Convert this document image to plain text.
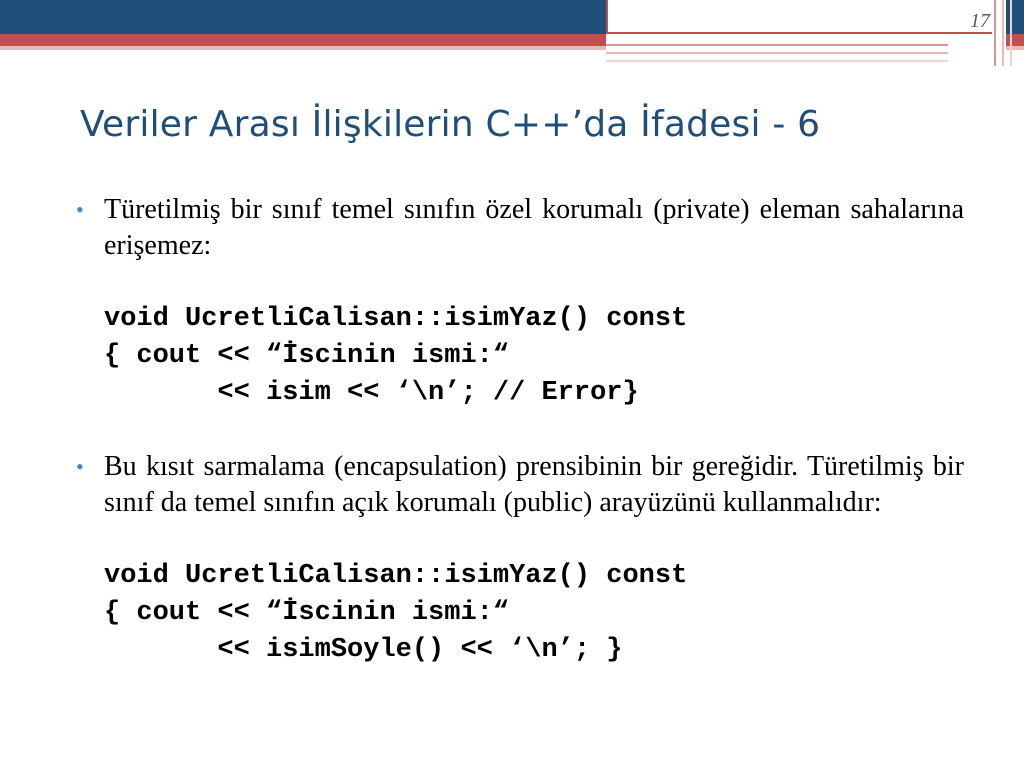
17
Veriler Arası İlişkilerin C++’da İfadesi - 6
• Türetilmiş bir sınıf temel sınıfın özel korumalı (private) eleman sahalarına erişemez:
void UcretliCalisan::isimYaz() const
{ cout << “İscinin ismi:“
<< isim << ‘\n’; // Error}
• Bu kısıt sarmalama (encapsulation) prensibinin bir gereğidir. Türetilmiş bir sınıf da temel sınıfın açık korumalı (public) arayüzünü kullanmalıdır:
void UcretliCalisan::isimYaz() const
{ cout << “İscinin ismi:“
<< isimSoyle() << ‘\n’; }
